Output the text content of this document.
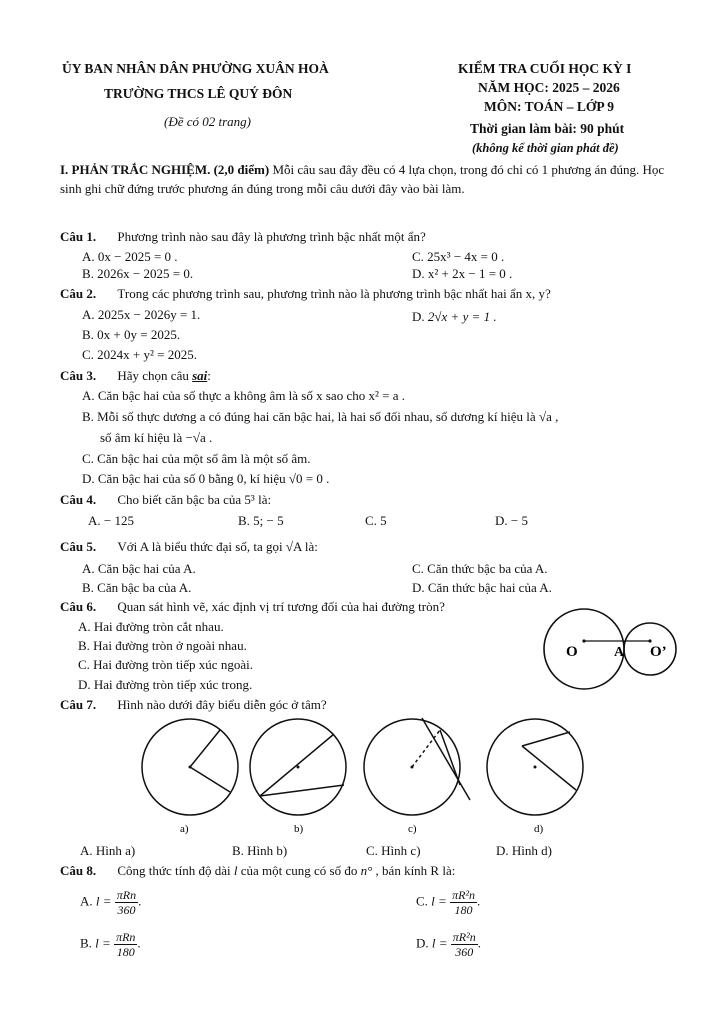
ỦY BAN NHÂN DÂN PHƯỜNG XUÂN HOÀ
TRƯỜNG THCS LÊ QUÝ ĐÔN
(Đề có 02 trang)
KIỂM TRA CUỐI HỌC KỲ I
NĂM HỌC: 2025 – 2026
MÔN: TOÁN – LỚP 9
Thời gian làm bài: 90 phút
(không kể thời gian phát đề)
I. PHẢN TRẮC NGHIỆM. (2,0 điểm) Mỗi câu sau đây đều có 4 lựa chọn, trong đó chỉ có 1 phương án đúng. Học sinh ghi chữ đứng trước phương án đúng trong mỗi câu dưới đây vào bài làm.
Câu 1. Phương trình nào sau đây là phương trình bậc nhất một ẩn?
A. 0x − 2025 = 0 .	C. 25x³ − 4x = 0 .
B. 2026x − 2025 = 0.	D. x² + 2x − 1 = 0 .
Câu 2. Trong các phương trình sau, phương trình nào là phương trình bậc nhất hai ẩn x, y?
A. 2025x − 2026y = 1.	D. 2√x + y = 1 .
B. 0x + 0y = 2025.
C. 2024x + y² = 2025.
Câu 3. Hãy chọn câu sai:
A. Căn bậc hai của số thực a không âm là số x sao cho x² = a .
B. Mỗi số thực dương a có đúng hai căn bậc hai, là hai số đối nhau, số dương kí hiệu là √a ,
số âm kí hiệu là −√a .
C. Căn bậc hai của một số âm là một số âm.
D. Căn bậc hai của số 0 bằng 0, kí hiệu √0 = 0 .
Câu 4. Cho biết căn bậc ba của 5³ là:
A. − 125	B. 5; − 5	C. 5	D. − 5
Câu 5. Với A là biểu thức đại số, ta gọi √A là:
A. Căn bậc hai của A.	C. Căn thức bậc ba của A.
B. Căn bậc ba của A.	D. Căn thức bậc hai của A.
Câu 6. Quan sát hình vẽ, xác định vị trí tương đối của hai đường tròn?
A. Hai đường tròn cắt nhau.
B. Hai đường tròn ở ngoài nhau.
C. Hai đường tròn tiếp xúc ngoài.
D. Hai đường tròn tiếp xúc trong.
O	A O’
Câu 7. Hình nào dưới đây biểu diễn góc ở tâm?
a)	b)	c)	d)
A. Hình a)	B. Hình b)	C. Hình c)	D. Hình d)
Câu 8. Công thức tính độ dài l của một cung có số đo n° , bán kính R là:
A. $l = \frac{\text{πRn}}{360}$ .	C. $l = \frac{\text{πR²n}}{180}$ .
B. $l = \frac{\text{πRn}}{180}$ .	D. $l = \frac{\text{πR²n}}{360}$ .
